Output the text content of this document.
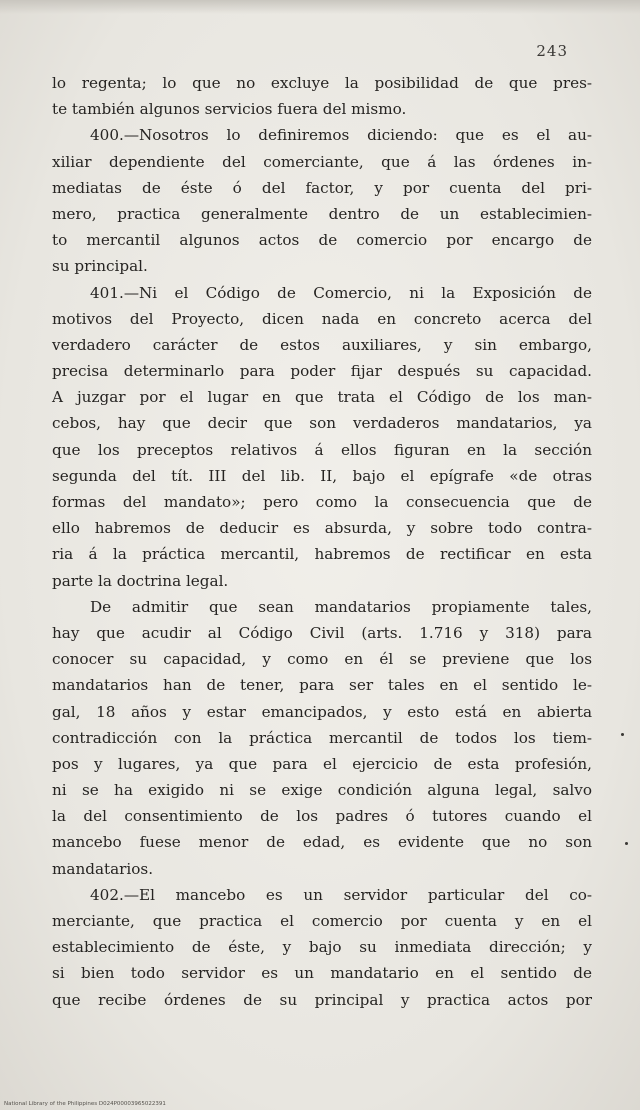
243
lo regenta; lo que no excluye la posibilidad de que pres-
te también algunos servicios fuera del mismo.
400.—Nosotros lo definiremos diciendo: que es el au-
xiliar dependiente del comerciante, que á las órdenes in-
mediatas de éste ó del factor, y por cuenta del pri-
mero, practica generalmente dentro de un establecimien-
to mercantil algunos actos de comercio por encargo de
su principal.
401.—Ni el Código de Comercio, ni la Exposición de
motivos del Proyecto, dicen nada en concreto acerca del
verdadero carácter de estos auxiliares, y sin embargo,
precisa determinarlo para poder fijar después su capacidad.
A juzgar por el lugar en que trata el Código de los man-
cebos, hay que decir que son verdaderos mandatarios, ya
que los preceptos relativos á ellos figuran en la sección
segunda del tít. III del lib. II, bajo el epígrafe «de otras
formas del mandato»; pero como la consecuencia que de
ello habremos de deducir es absurda, y sobre todo contra-
ria á la práctica mercantil, habremos de rectificar en esta
parte la doctrina legal.
De admitir que sean mandatarios propiamente tales,
hay que acudir al Código Civil (arts. 1.716 y 318) para
conocer su capacidad, y como en él se previene que los
mandatarios han de tener, para ser tales en el sentido le-
gal, 18 años y estar emancipados, y esto está en abierta
contradicción con la práctica mercantil de todos los tiem-
pos y lugares, ya que para el ejercicio de esta profesión,
ni se ha exigido ni se exige condición alguna legal, salvo
la del consentimiento de los padres ó tutores cuando el
mancebo fuese menor de edad, es evidente que no son
mandatarios.
402.—El mancebo es un servidor particular del co-
merciante, que practica el comercio por cuenta y en el
establecimiento de éste, y bajo su inmediata dirección; y
si bien todo servidor es un mandatario en el sentido de
que recibe órdenes de su principal y practica actos por
National Library of the Philippines D024P00003965022391
